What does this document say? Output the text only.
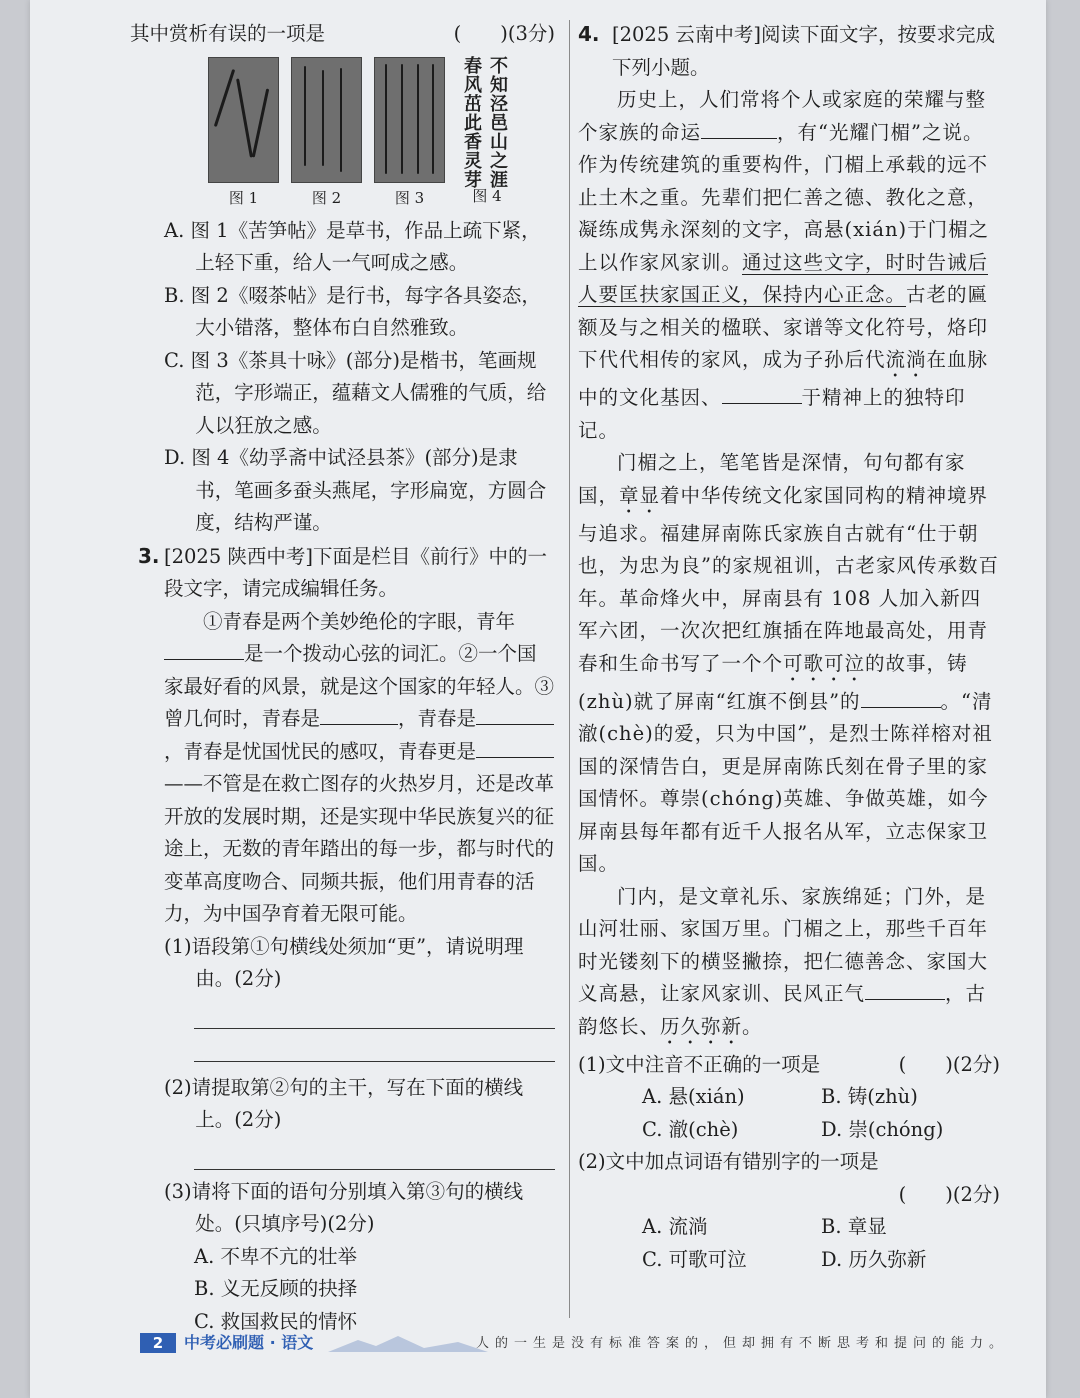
其中赏析有误的一项是	(　　)(3分)

图 1	图 2	图 3
春风茁此香灵芽
不知泾邑山之涯
图 4

A. 图 1《苦笋帖》是草书，作品上疏下紧，上轻下重，给人一气呵成之感。

B. 图 2《啜茶帖》是行书，每字各具姿态，大小错落，整体布白自然雅致。

C. 图 3《茶具十咏》(部分)是楷书，笔画规范，字形端正，蕴藉文人儒雅的气质，给人以狂放之感。

D. 图 4《幼孚斋中试泾县茶》(部分)是隶书，笔画多蚕头燕尾，字形扁宽，方圆合度，结构严谨。

3. [2025 陕西中考]下面是栏目《前行》中的一段文字，请完成编辑任务。

①青春是两个美妙绝伦的字眼，青年是一个拨动心弦的词汇。②一个国家最好看的风景，就是这个国家的年轻人。③曾几何时，青春是	，青春是，青春是忧国忧民的感叹，青春更是——不管是在救亡图存的火热岁月，还是改革开放的发展时期，还是实现中华民族复兴的征途上，无数的青年踏出的每一步，都与时代的变革高度吻合、同频共振，他们用青春的活力，为中国孕育着无限可能。

(1)语段第①句横线处须加“更”，请说明理由。(2分)

(2)请提取第②句的主干，写在下面的横线上。(2分)

(3)请将下面的语句分别填入第③句的横线处。(只填序号)(2分)

A. 不卑不亢的壮举

B. 义无反顾的抉择

C. 救国救民的情怀

4. [2025 云南中考]阅读下面文字，按要求完成下列小题。

历史上，人们常将个人或家庭的荣耀与整个家族的命运	，有“光耀门楣”之说。作为传统建筑的重要构件，门楣上承载的远不止土木之重。先辈们把仁善之德、教化之意，凝练成隽永深刻的文字，高悬(xián)于门楣之上以作家风家训。通过这些文字，时时告诫后人要匡扶家国正义，保持内心正念。古老的匾额及与之相关的楹联、家谱等文化符号，烙印下代代相传的家风，成为子孙后代流淌在血脉中的文化基因、	于精神上的独特印记。

门楣之上，笔笔皆是深情，句句都有家国，章显着中华传统文化家国同构的精神境界与追求。福建屏南陈氏家族自古就有“仕于朝也，为忠为良”的家规祖训，古老家风传承数百年。革命烽火中，屏南县有 108 人加入新四军六团，一次次把红旗插在阵地最高处，用青春和生命书写了一个个可歌可泣的故事，铸(zhù)就了屏南“红旗不倒县”的	。“清澈(chè)的爱，只为中国”，是烈士陈祥榕对祖国的深情告白，更是屏南陈氏刻在骨子里的家国情怀。尊崇(chóng)英雄、争做英雄，如今屏南县每年都有近千人报名从军，立志保家卫国。

门内，是文章礼乐、家族绵延；门外，是山河壮丽、家国万里。门楣之上，那些千百年时光镂刻下的横竖撇捺，把仁德善念、家国大义高悬，让家风家训、民风正气	，古韵悠长、历久弥新。

(1)文中注音不正确的一项是	(　　)(2分)

A. 悬(xián)	B. 铸(zhù)
C. 澈(chè)	D. 崇(chóng)

(2)文中加点词语有错别字的一项是

(　　)(2分)

A. 流淌	B. 章显
C. 可歌可泣	D. 历久弥新
2	中考必刷题 · 语文	人的一生是没有标准答案的，但却拥有不断思考和提问的能力。
